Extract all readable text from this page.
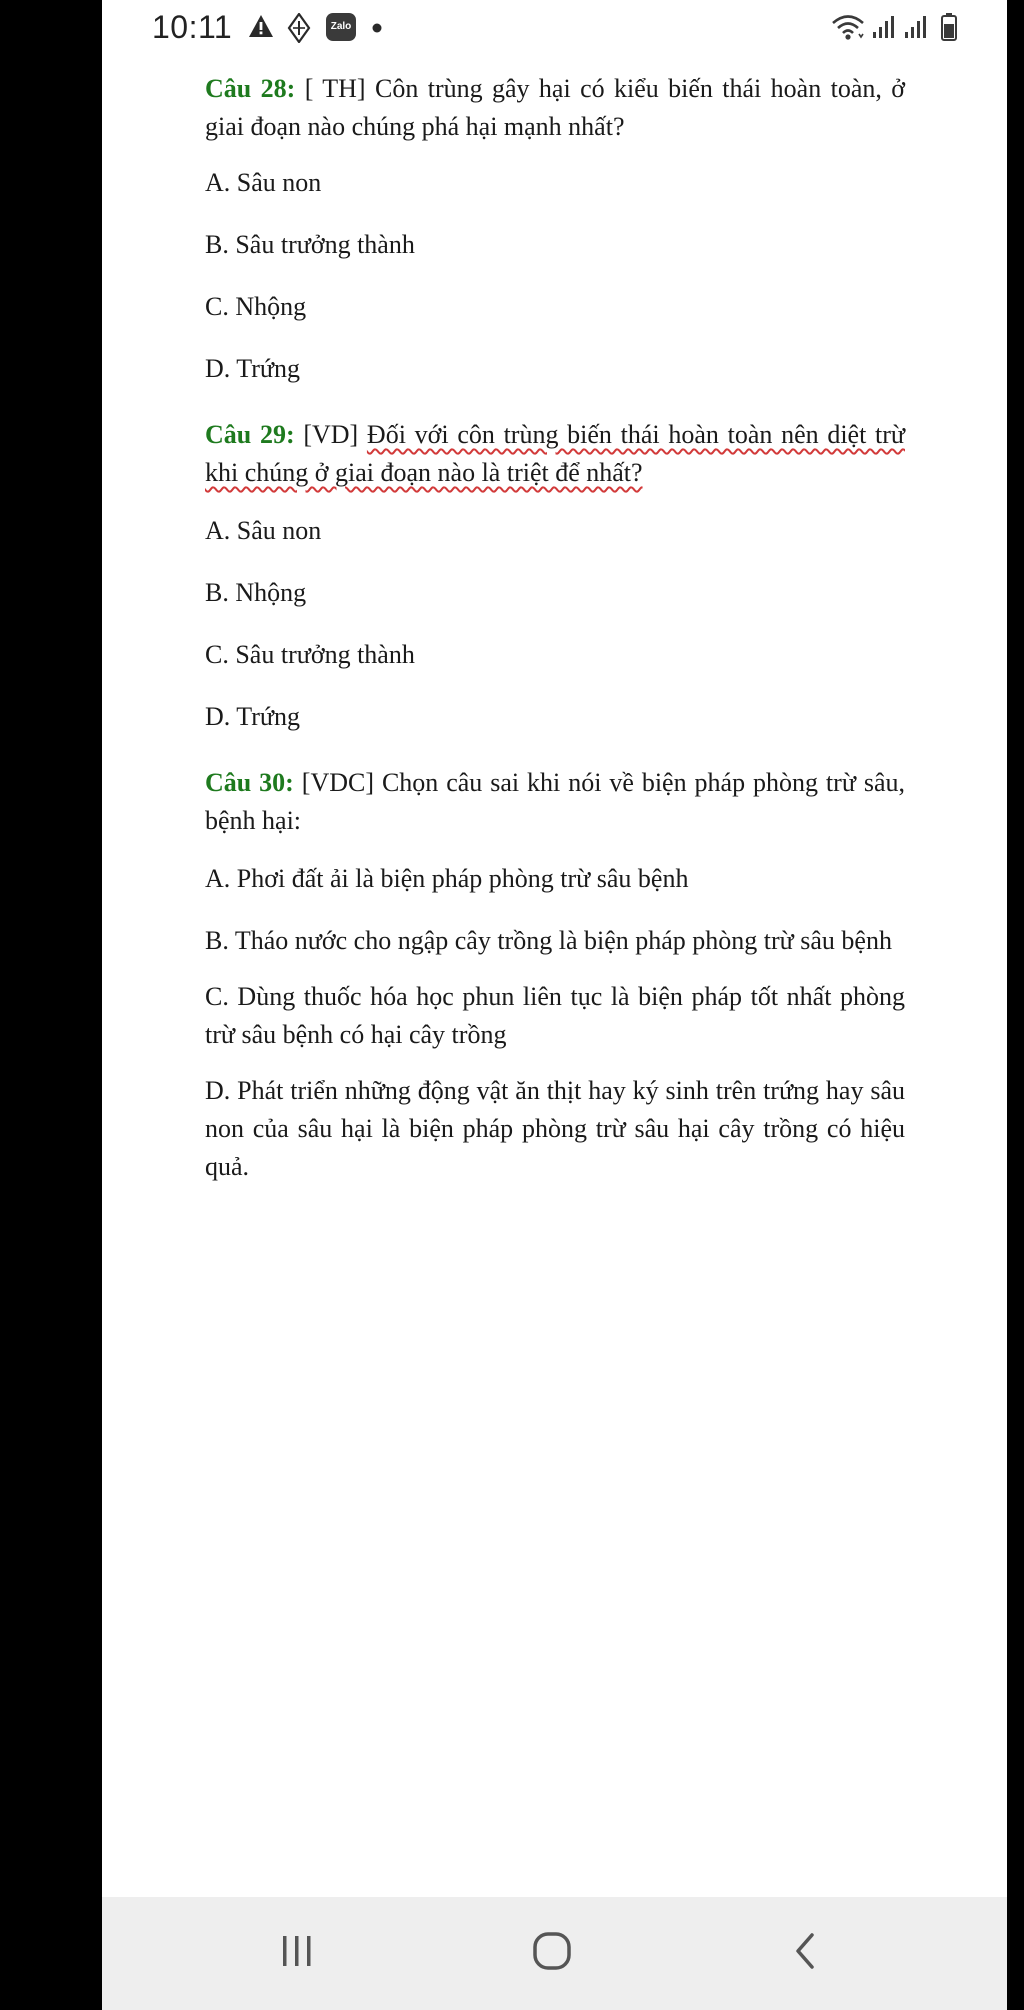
10:11	Zalo

Câu 28: [ TH] Côn trùng gây hại có kiểu biến thái hoàn toàn, ở giai đoạn nào chúng phá hại mạnh nhất?

A. Sâu non

B. Sâu trưởng thành

C. Nhộng

D. Trứng

Câu 29: [VD] Đối với côn trùng biến thái hoàn toàn nên diệt trừ khi chúng ở giai đoạn nào là triệt để nhất?

A. Sâu non

B. Nhộng

C. Sâu trưởng thành

D. Trứng

Câu 30: [VDC] Chọn câu sai khi nói về biện pháp phòng trừ sâu, bệnh hại:

A. Phơi đất ải là biện pháp phòng trừ sâu bệnh

B. Tháo nước cho ngập cây trồng là biện pháp phòng trừ sâu bệnh

C. Dùng thuốc hóa học phun liên tục là biện pháp tốt nhất phòng trừ sâu bệnh có hại cây trồng

D. Phát triển những động vật ăn thịt hay ký sinh trên trứng hay sâu non của sâu hại là biện pháp phòng trừ sâu hại cây trồng có hiệu quả.
